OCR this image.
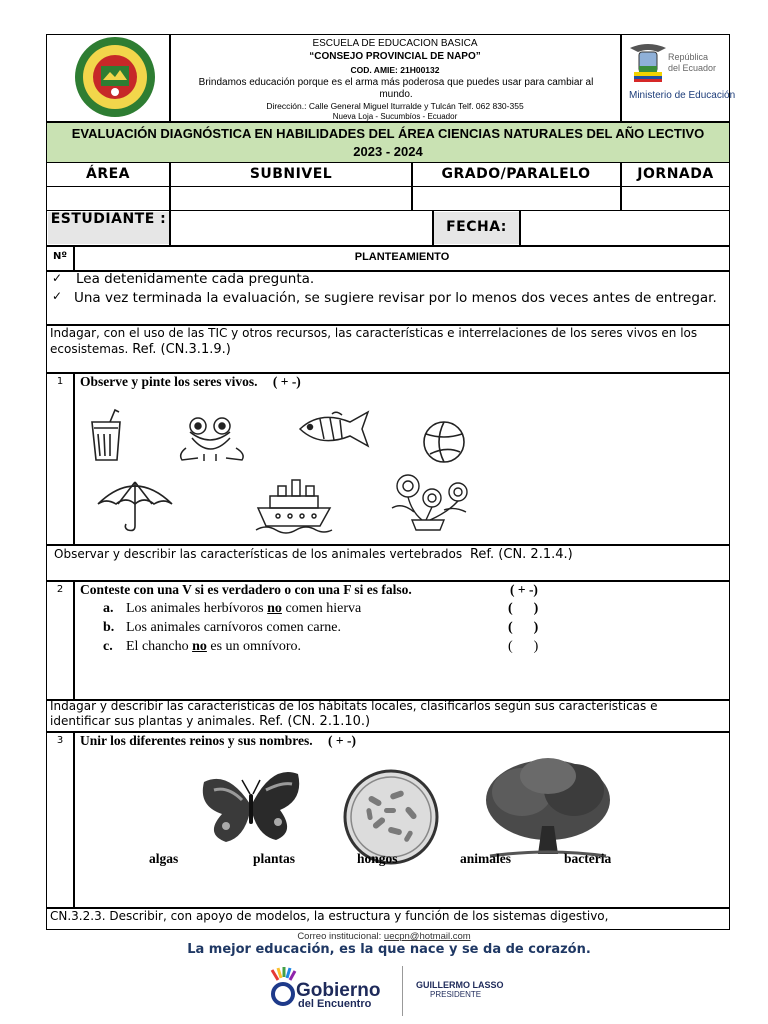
ESCUELA DE EDUCACION BASICA
“CONSEJO PROVINCIAL DE NAPO”
COD. AMIE: 21H00132
Brindamos educación porque es el arma más poderosa que puedes usar para cambiar al mundo.
Dirección.: Calle General Miguel Iturralde y Tulcán Telf. 062 830-355
Nueva Loja - Sucumbíos - Ecuador
República
del Ecuador
Ministerio de Educación
EVALUACIÓN DIAGNÓSTICA EN HABILIDADES DEL ÁREA CIENCIAS NATURALES DEL AÑO LECTIVO
2023 - 2024
ÁREA	SUBNIVEL	GRADO/PARALELO	JORNADA
ESTUDIANTE :	FECHA:
Nº	PLANTEAMIENTO
✓ Lea detenidamente cada pregunta.
✓ Una vez terminada la evaluación, se sugiere revisar por lo menos dos veces antes de entregar.
Indagar, con el uso de las TIC y otros recursos, las características e interrelaciones de los seres vivos en los ecosistemas. Ref. (CN.3.1.9.)
1	Observe y pinte los seres vivos. ( + -)
Observar y describir las características de los animales vertebrados Ref. (CN. 2.1.4.)
2	Conteste con una V si es verdadero o con una F si es falso.	( + -)
a. Los animales herbívoros no comen hierva	(      )
b. Los animales carnívoros comen carne.	(      )
c. El chancho no es un omnívoro.	(      )
Indagar y describir las características de los hábitats locales, clasificarlos según sus características e identificar sus plantas y animales. Ref. (CN. 2.1.10.)
3	Unir los diferentes reinos y sus nombres. ( + -)
algas	plantas	hongos	animales	bacteria
CN.3.2.3. Describir, con apoyo de modelos, la estructura y función de los sistemas digestivo,
Correo institucional: uecpn@hotmail.com
La mejor educación, es la que nace y se da de corazón.
Gobierno
del Encuentro
GUILLERMO LASSO
PRESIDENTE
